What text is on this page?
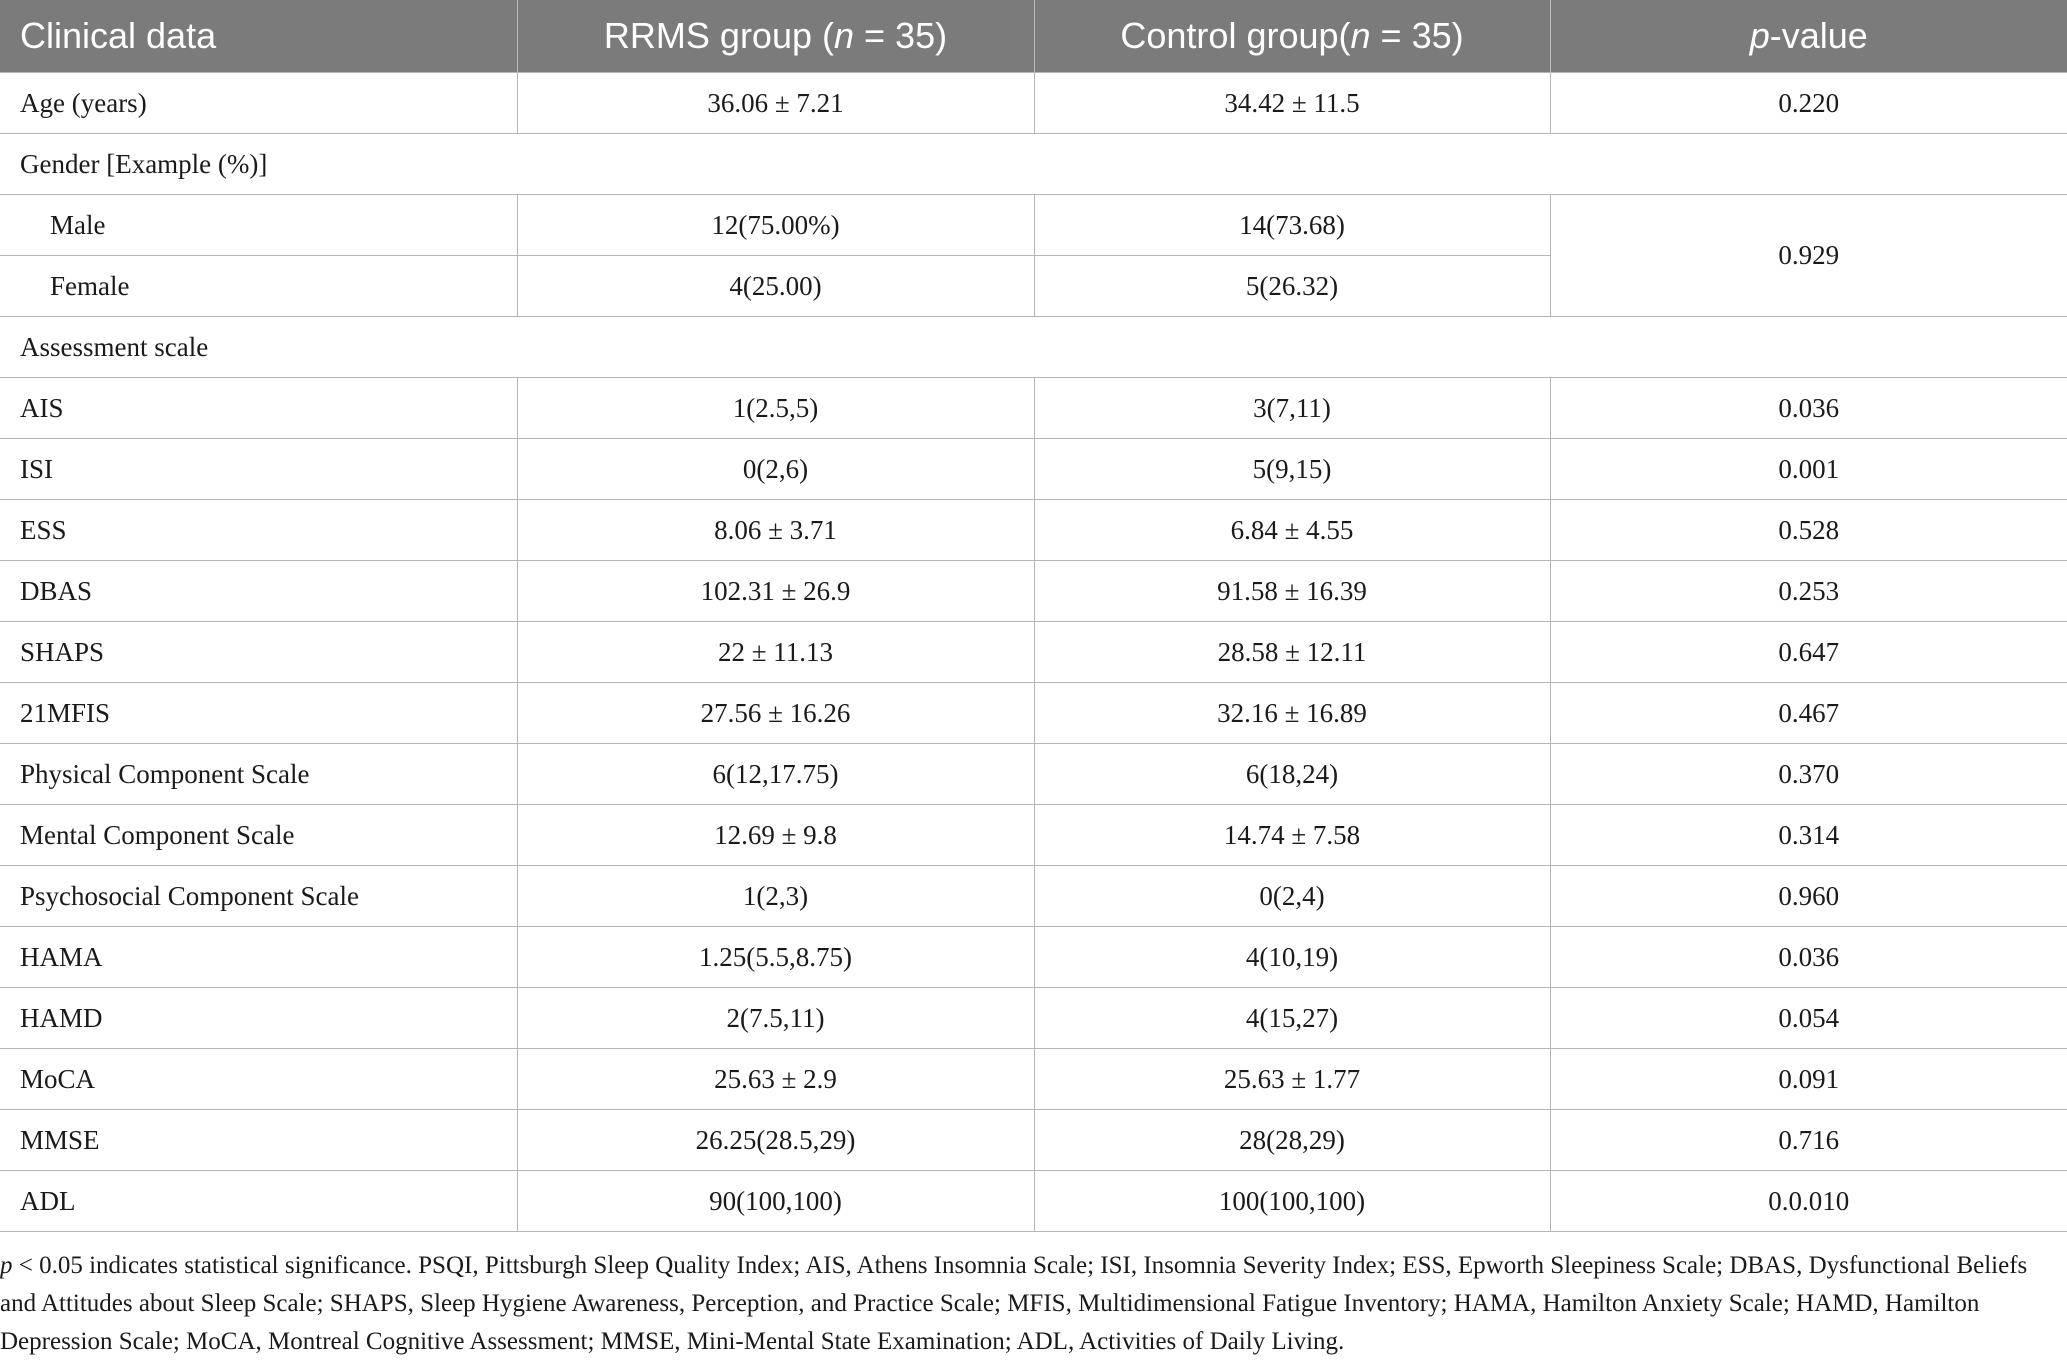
Clinical data	RRMS group (n = 35)	Control group(n = 35)	p-value
Age (years)	36.06 ± 7.21	34.42 ± 11.5	0.220
Gender [Example (%)]			
Male	12(75.00%)	14(73.68)	0.929
Female	4(25.00)	5(26.32)	
Assessment scale			
AIS	1(2.5,5)	3(7,11)	0.036
ISI	0(2,6)	5(9,15)	0.001
ESS	8.06 ± 3.71	6.84 ± 4.55	0.528
DBAS	102.31 ± 26.9	91.58 ± 16.39	0.253
SHAPS	22 ± 11.13	28.58 ± 12.11	0.647
21MFIS	27.56 ± 16.26	32.16 ± 16.89	0.467
Physical Component Scale	6(12,17.75)	6(18,24)	0.370
Mental Component Scale	12.69 ± 9.8	14.74 ± 7.58	0.314
Psychosocial Component Scale	1(2,3)	0(2,4)	0.960
HAMA	1.25(5.5,8.75)	4(10,19)	0.036
HAMD	2(7.5,11)	4(15,27)	0.054
MoCA	25.63 ± 2.9	25.63 ± 1.77	0.091
MMSE	26.25(28.5,29)	28(28,29)	0.716
ADL	90(100,100)	100(100,100)	0.0.010
p < 0.05 indicates statistical significance. PSQI, Pittsburgh Sleep Quality Index; AIS, Athens Insomnia Scale; ISI, Insomnia Severity Index; ESS, Epworth Sleepiness Scale; DBAS, Dysfunctional Beliefs and Attitudes about Sleep Scale; SHAPS, Sleep Hygiene Awareness, Perception, and Practice Scale; MFIS, Multidimensional Fatigue Inventory; HAMA, Hamilton Anxiety Scale; HAMD, Hamilton Depression Scale; MoCA, Montreal Cognitive Assessment; MMSE, Mini-Mental State Examination; ADL, Activities of Daily Living.
